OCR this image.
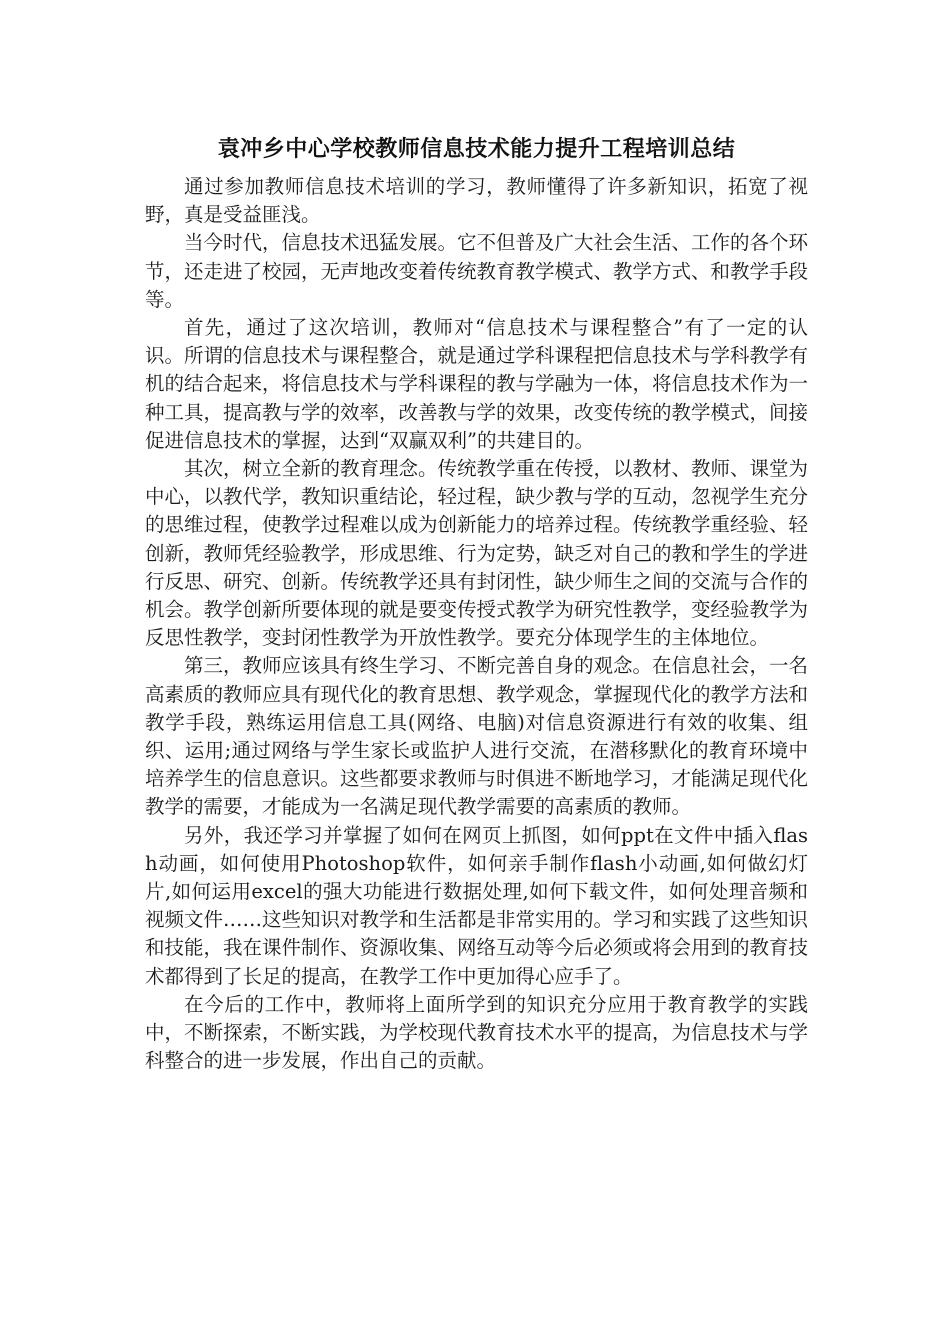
袁冲乡中心学校教师信息技术能力提升工程培训总结

通过参加教师信息技术培训的学习，教师懂得了许多新知识，拓宽了视野，真是受益匪浅。

当今时代，信息技术迅猛发展。它不但普及广大社会生活、工作的各个环节，还走进了校园，无声地改变着传统教育教学模式、教学方式、和教学手段等。

首先，通过了这次培训，教师对“信息技术与课程整合”有了一定的认识。所谓的信息技术与课程整合，就是通过学科课程把信息技术与学科教学有机的结合起来，将信息技术与学科课程的教与学融为一体，将信息技术作为一种工具，提高教与学的效率，改善教与学的效果，改变传统的教学模式，间接促进信息技术的掌握，达到“双赢双利”的共建目的。

其次，树立全新的教育理念。传统教学重在传授，以教材、教师、课堂为中心，以教代学，教知识重结论，轻过程，缺少教与学的互动，忽视学生充分的思维过程，使教学过程难以成为创新能力的培养过程。传统教学重经验、轻创新，教师凭经验教学，形成思维、行为定势，缺乏对自己的教和学生的学进行反思、研究、创新。传统教学还具有封闭性，缺少师生之间的交流与合作的机会。教学创新所要体现的就是要变传授式教学为研究性教学，变经验教学为反思性教学，变封闭性教学为开放性教学。要充分体现学生的主体地位。

第三，教师应该具有终生学习、不断完善自身的观念。在信息社会，一名高素质的教师应具有现代化的教育思想、教学观念，掌握现代化的教学方法和教学手段，熟练运用信息工具(网络、电脑)对信息资源进行有效的收集、组织、运用;通过网络与学生家长或监护人进行交流，在潜移默化的教育环境中培养学生的信息意识。这些都要求教师与时俱进不断地学习，才能满足现代化教学的需要，才能成为一名满足现代教学需要的高素质的教师。

另外，我还学习并掌握了如何在网页上抓图，如何ppt在文件中插入flash动画，如何使用Photoshop软件，如何亲手制作flash小动画,如何做幻灯片,如何运用excel的强大功能进行数据处理,如何下载文件，如何处理音频和视频文件……这些知识对教学和生活都是非常实用的。学习和实践了这些知识和技能，我在课件制作、资源收集、网络互动等今后必须或将会用到的教育技术都得到了长足的提高，在教学工作中更加得心应手了。

在今后的工作中，教师将上面所学到的知识充分应用于教育教学的实践中，不断探索，不断实践，为学校现代教育技术水平的提高，为信息技术与学科整合的进一步发展，作出自己的贡献。
